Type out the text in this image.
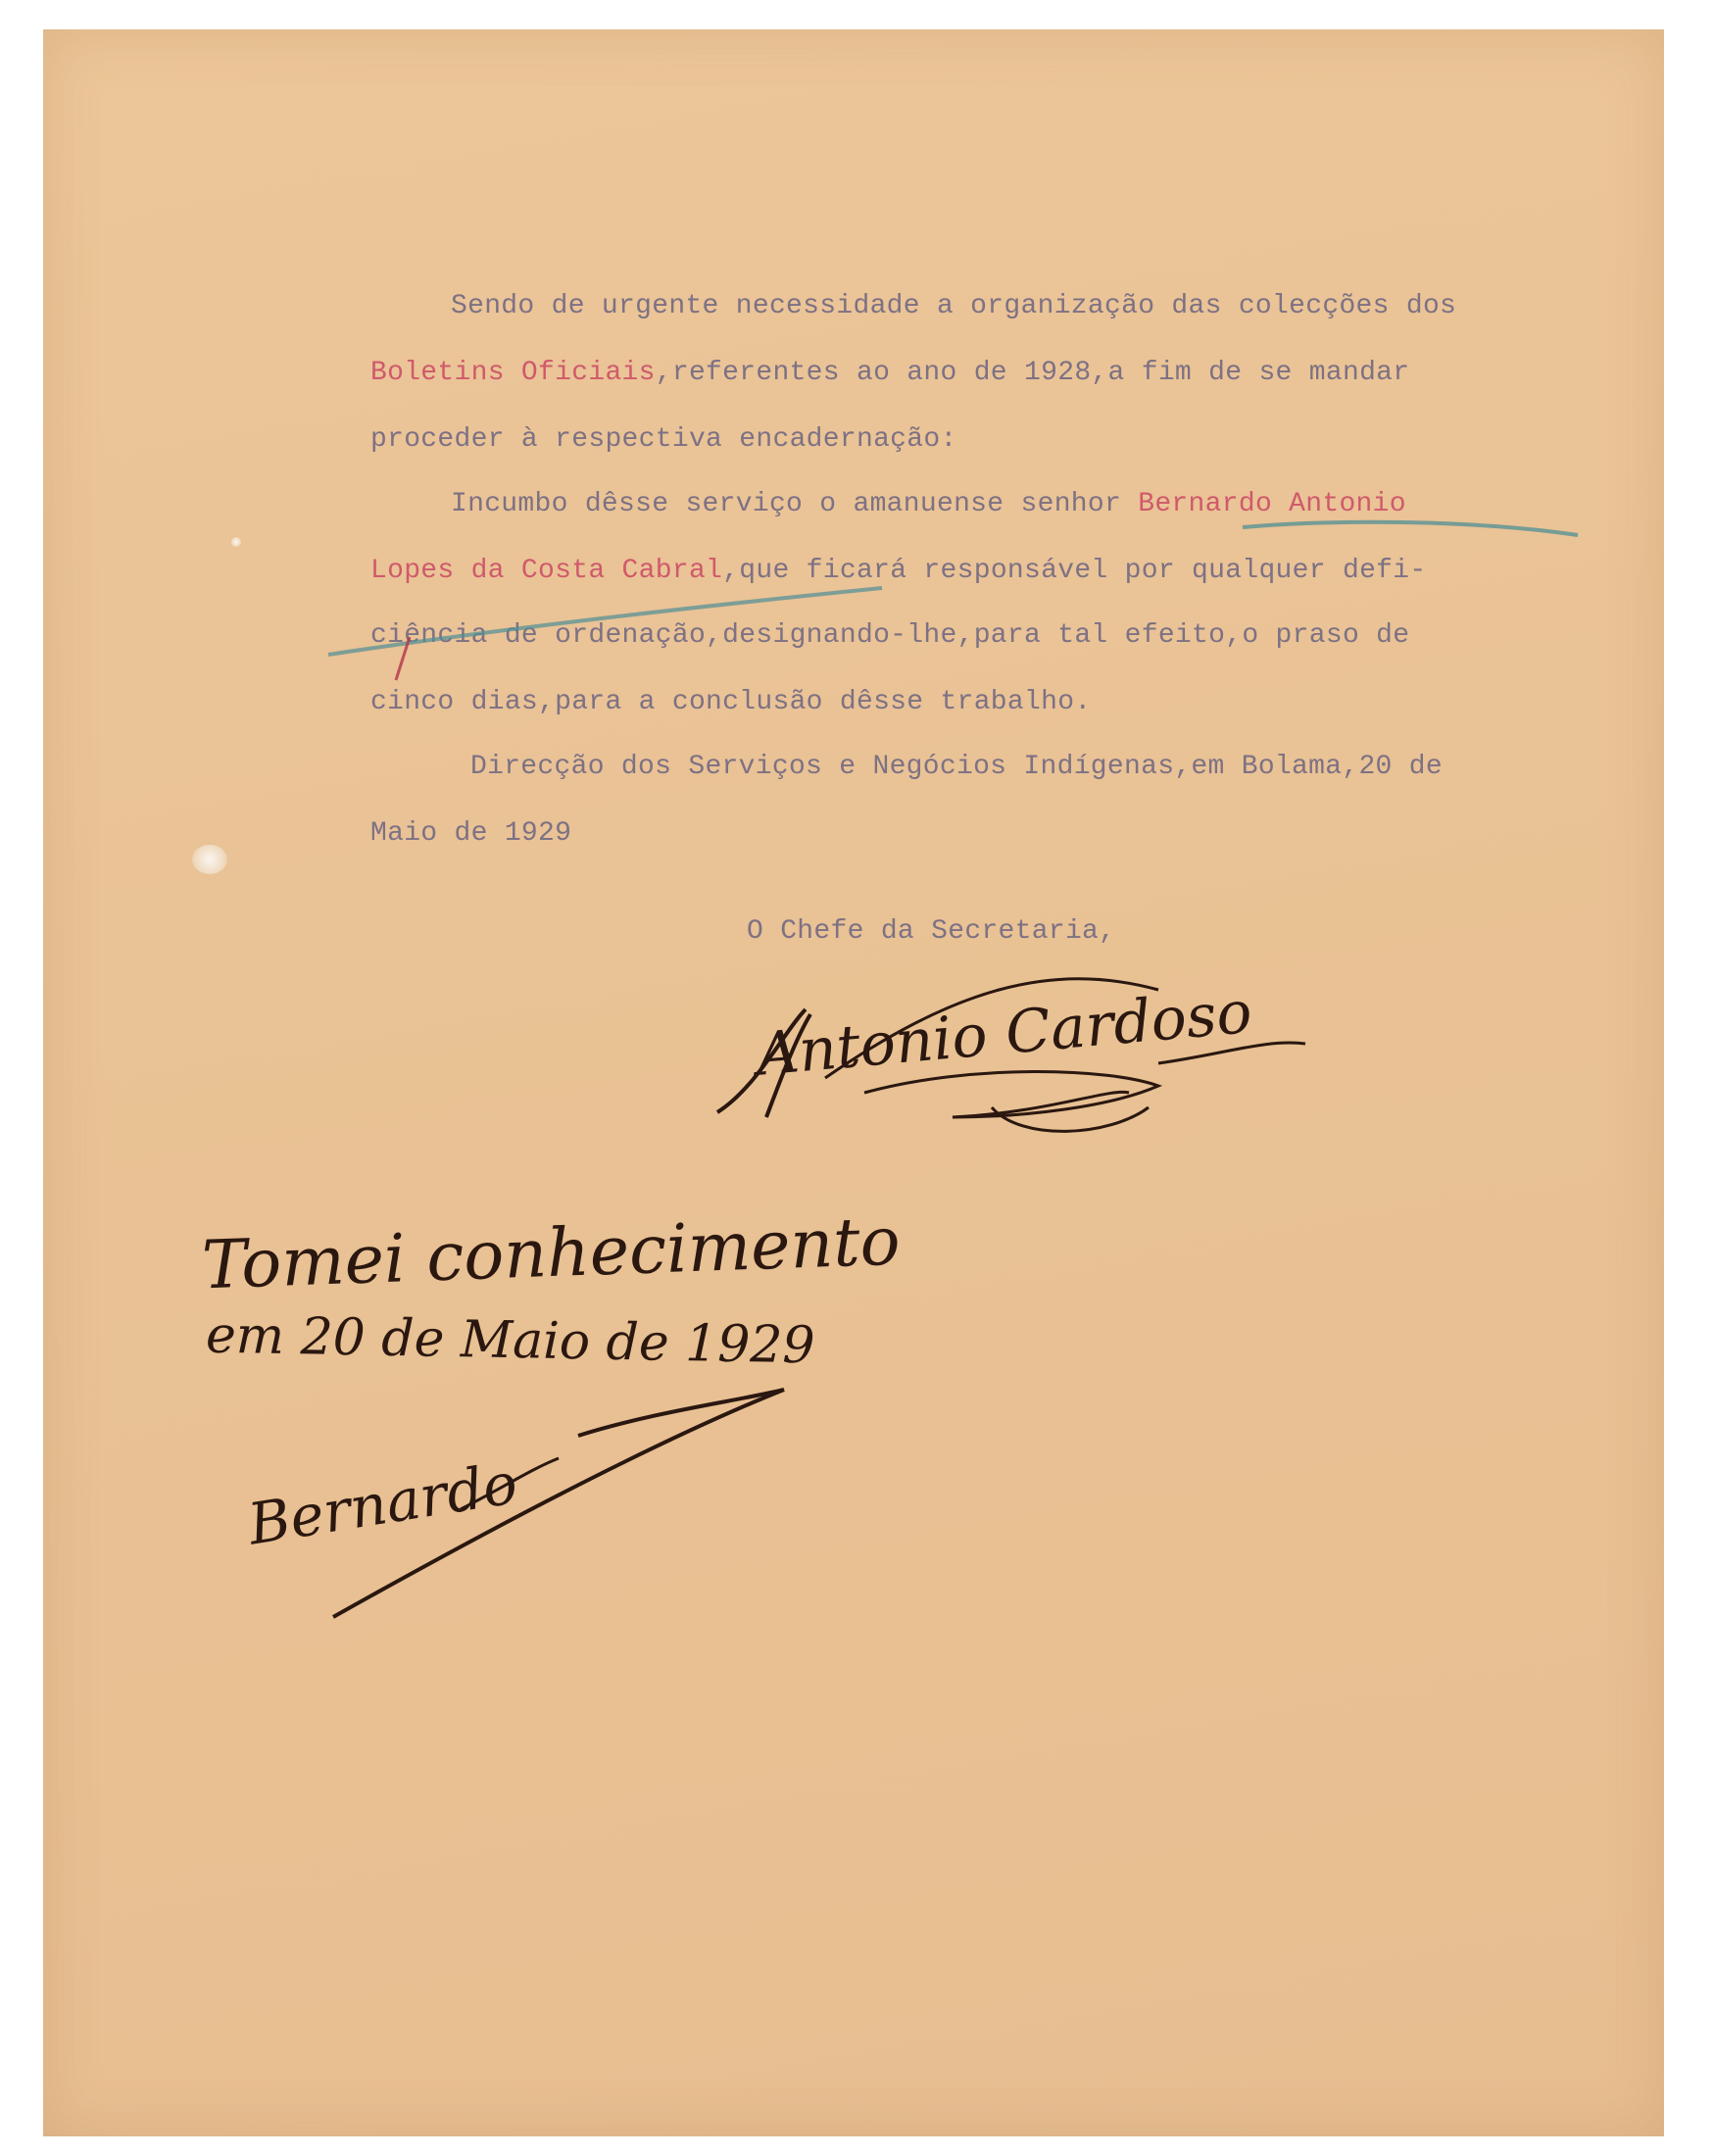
Sendo de urgente necessidade a organização das colecções dos

Boletins Oficiais,referentes ao ano de 1928,a fim de se mandar

proceder à respectiva encadernação:

Incumbo dêsse serviço o amanuense senhor Bernardo Antonio

Lopes da Costa Cabral,que ficará responsável por qualquer defi-

ciência de ordenação,designando-lhe,para tal efeito,o praso de

cinco dias,para a conclusão dêsse trabalho.

Direcção dos Serviços e Negócios Indígenas,em Bolama,20 de

Maio de 1929

O Chefe da Secretaria,

Antonio Cardoso
Tomei conhecimento
em 20 de Maio de 1929
Bernardo
